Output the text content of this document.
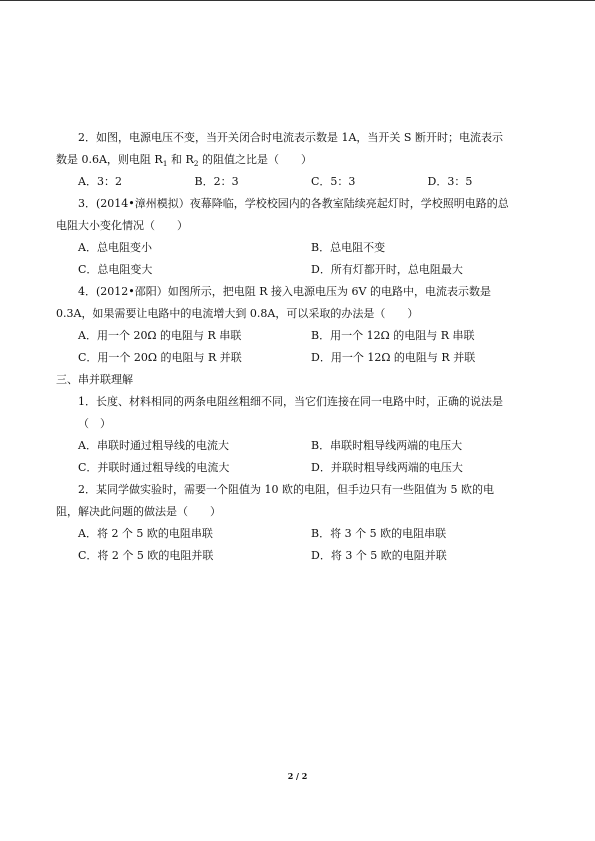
2．如图，电源电压不变，当开关闭合时电流表示数是 1A，当开关 S 断开时；电流表示

数是 0.6A，则电阻 $R_1$ 和 $R_2$ 的阻值之比是（　　）

A．3：2	B．2：3	C．5：3	D．3：5

3．(2014•漳州模拟）夜幕降临，学校校园内的各教室陆续亮起灯时，学校照明电路的总

电阻大小变化情况（　　）

A．总电阻变小	B．总电阻不变
C．总电阻变大	D．所有灯都开时，总电阻最大

4．(2012•邵阳）如图所示，把电阻 R 接入电源电压为 6V 的电路中，电流表示数是

0.3A，如果需要让电路中的电流增大到 0.8A，可以采取的办法是（　　）

A．用一个 20Ω 的电阻与 R 串联	B．用一个 12Ω 的电阻与 R 串联
C．用一个 20Ω 的电阻与 R 并联	D．用一个 12Ω 的电阻与 R 并联

三、串并联理解

1．长度、材料相同的两条电阻丝粗细不同，当它们连接在同一电路中时，正确的说法是

（　）

A．串联时通过粗导线的电流大	B．串联时粗导线两端的电压大
C．并联时通过粗导线的电流大	D．并联时粗导线两端的电压大

2．某同学做实验时，需要一个阻值为 10 欧的电阻，但手边只有一些阻值为 5 欧的电

阻，解决此问题的做法是（　　）

A．将 2 个 5 欧的电阻串联	B．将 3 个 5 欧的电阻串联
C．将 2 个 5 欧的电阻并联	D．将 3 个 5 欧的电阻并联
2 / 2
